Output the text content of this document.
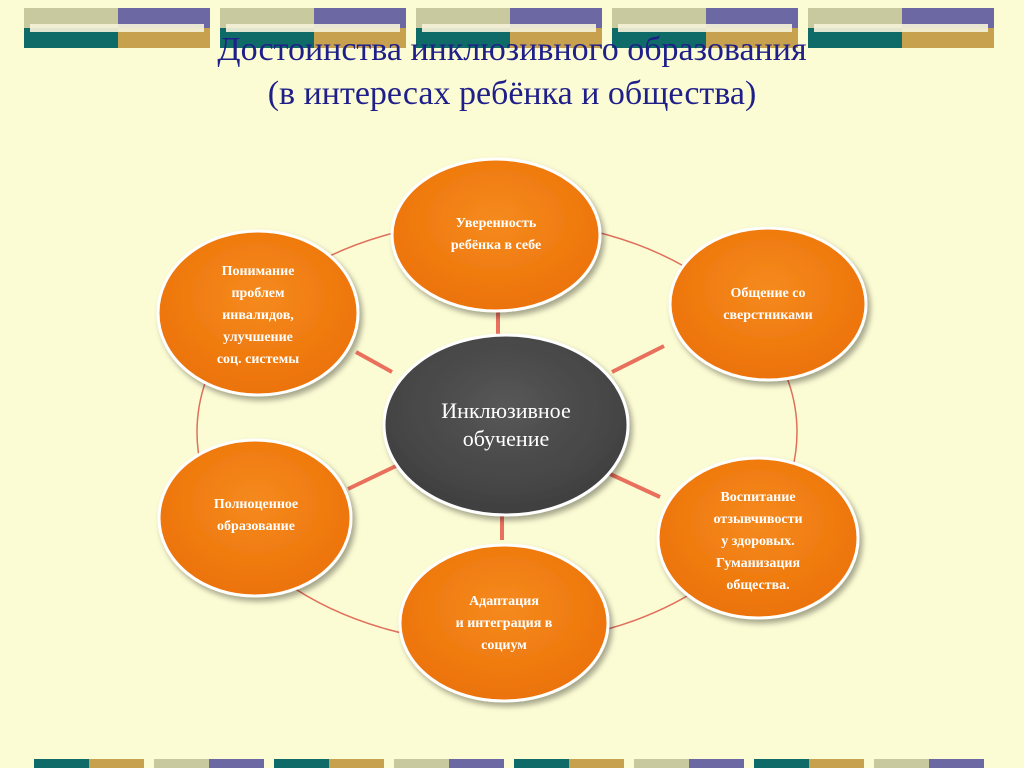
Достоинства инклюзивного образования
(в интересах ребёнка и общества)
Инклюзивное
обучение
Уверенность
ребёнка в себе
Общение со
сверстниками
Воспитание
отзывчивости
у здоровых.
Гуманизация
общества.
Адаптация
и интеграция в
социум
Полноценное
образование
Понимание
проблем
инвалидов,
улучшение
соц. системы
